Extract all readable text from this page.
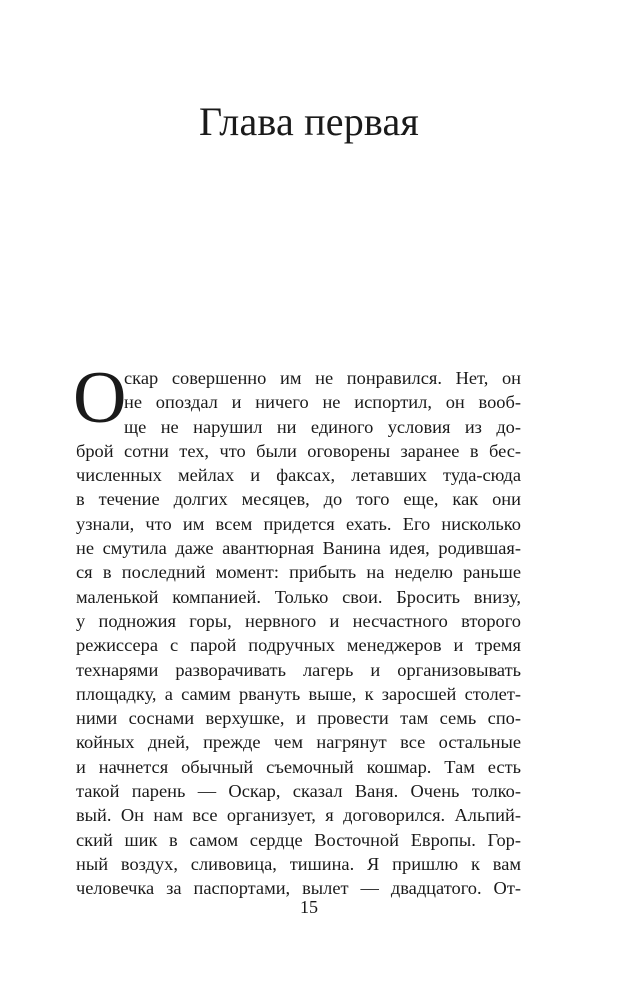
Глава первая
О
скар совершенно им не понравился. Нет, он
не опоздал и ничего не испортил, он вооб-
ще не нарушил ни единого условия из до-
брой сотни тех, что были оговорены заранее в бес-
численных мейлах и факсах, летавших туда-сюда
в течение долгих месяцев, до того еще, как они
узнали, что им всем придется ехать. Его нисколько
не смутила даже авантюрная Ванина идея, родившая-
ся в последний момент: прибыть на неделю раньше
маленькой компанией. Только свои. Бросить внизу,
у подножия горы, нервного и несчастного второго
режиссера с парой подручных менеджеров и тремя
технарями разворачивать лагерь и организовывать
площадку, а самим рвануть выше, к заросшей столет-
ними соснами верхушке, и провести там семь спо-
койных дней, прежде чем нагрянут все остальные
и начнется обычный съемочный кошмар. Там есть
такой парень — Оскар, сказал Ваня. Очень толко-
вый. Он нам все организует, я договорился. Альпий-
ский шик в самом сердце Восточной Европы. Гор-
ный воздух, сливовица, тишина. Я пришлю к вам
человечка за паспортами, вылет — двадцатого. От-
15
